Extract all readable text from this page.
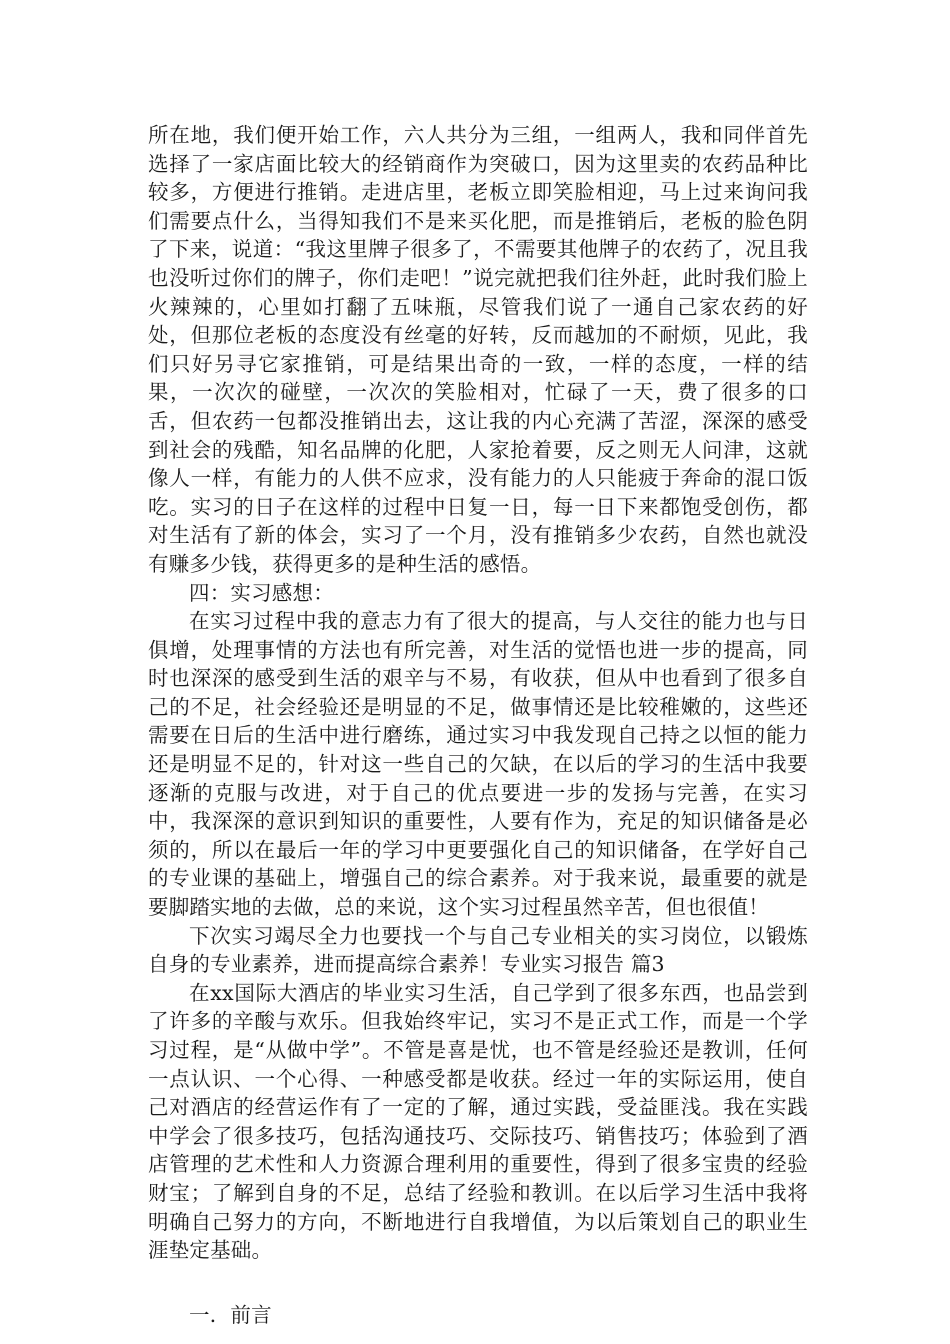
所在地，我们便开始工作，六人共分为三组，一组两人，我和同伴首先选择了一家店面比较大的经销商作为突破口，因为这里卖的农药品种比较多，方便进行推销。走进店里，老板立即笑脸相迎，马上过来询问我们需要点什么，当得知我们不是来买化肥，而是推销后，老板的脸色阴了下来，说道：“我这里牌子很多了，不需要其他牌子的农药了，况且我也没听过你们的牌子，你们走吧！”说完就把我们往外赶，此时我们脸上火辣辣的，心里如打翻了五味瓶，尽管我们说了一通自己家农药的好处，但那位老板的态度没有丝毫的好转，反而越加的不耐烦，见此，我们只好另寻它家推销，可是结果出奇的一致，一样的态度，一样的结果，一次次的碰壁，一次次的笑脸相对，忙碌了一天，费了很多的口舌，但农药一包都没推销出去，这让我的内心充满了苦涩，深深的感受到社会的残酷，知名品牌的化肥，人家抢着要，反之则无人问津，这就像人一样，有能力的人供不应求，没有能力的人只能疲于奔命的混口饭吃。实习的日子在这样的过程中日复一日，每一日下来都饱受创伤，都对生活有了新的体会，实习了一个月，没有推销多少农药，自然也就没有赚多少钱，获得更多的是种生活的感悟。

四：实习感想：

在实习过程中我的意志力有了很大的提高，与人交往的能力也与日俱增，处理事情的方法也有所完善，对生活的觉悟也进一步的提高，同时也深深的感受到生活的艰辛与不易，有收获，但从中也看到了很多自己的不足，社会经验还是明显的不足，做事情还是比较稚嫩的，这些还需要在日后的生活中进行磨练，通过实习中我发现自己持之以恒的能力还是明显不足的，针对这一些自己的欠缺，在以后的学习的生活中我要逐渐的克服与改进，对于自己的优点要进一步的发扬与完善，在实习中，我深深的意识到知识的重要性，人要有作为，充足的知识储备是必须的，所以在最后一年的学习中更要强化自己的知识储备，在学好自己的专业课的基础上，增强自己的综合素养。对于我来说，最重要的就是要脚踏实地的去做，总的来说，这个实习过程虽然辛苦，但也很值！

下次实习竭尽全力也要找一个与自己专业相关的实习岗位，以锻炼自身的专业素养，进而提高综合素养！专业实习报告 篇3

在xx国际大酒店的毕业实习生活，自己学到了很多东西，也品尝到了许多的辛酸与欢乐。但我始终牢记，实习不是正式工作，而是一个学习过程，是“从做中学”。不管是喜是忧，也不管是经验还是教训，任何一点认识、一个心得、一种感受都是收获。经过一年的实际运用，使自己对酒店的经营运作有了一定的了解，通过实践，受益匪浅。我在实践中学会了很多技巧，包括沟通技巧、交际技巧、销售技巧；体验到了酒店管理的艺术性和人力资源合理利用的重要性，得到了很多宝贵的经验财宝；了解到自身的不足，总结了经验和教训。在以后学习生活中我将明确自己努力的方向，不断地进行自我增值，为以后策划自己的职业生涯垫定基础。

一．前言
